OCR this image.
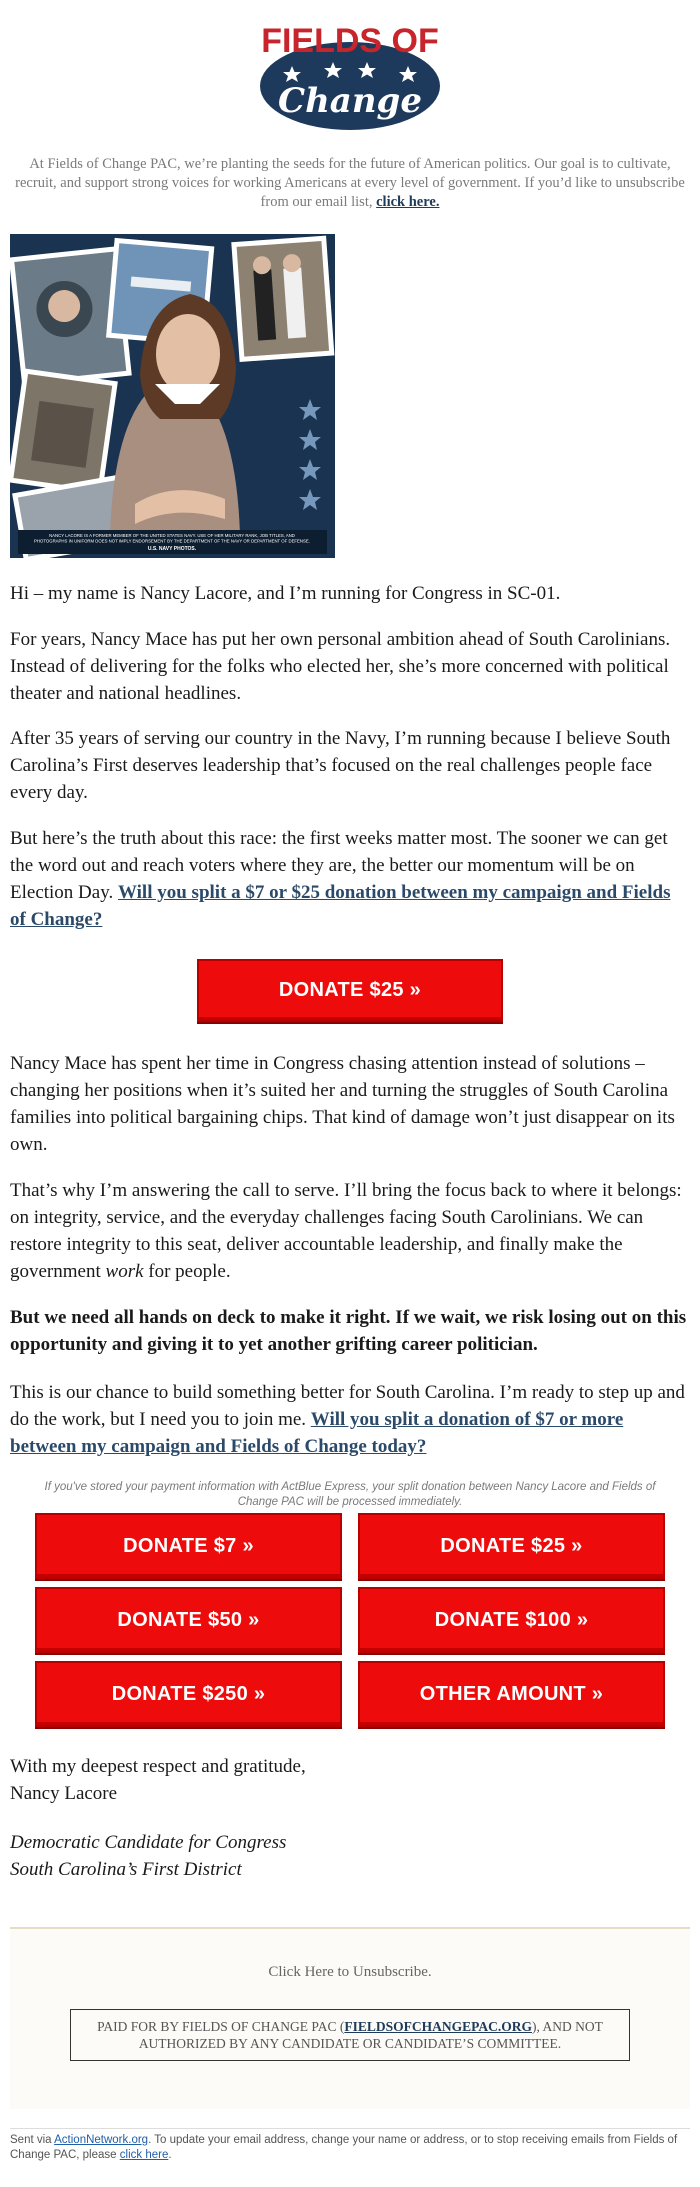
FIELDS OF
Change
At Fields of Change PAC, we’re planting the seeds for the future of American politics. Our goal is to cultivate, recruit, and support strong voices for working Americans at every level of government. If you’d like to unsubscribe from our email list, click here.
NANCY LACORE IS A FORMER MEMBER OF THE UNITED STATES NAVY. USE OF HER MILITARY RANK, JOB TITLES, AND PHOTOGRAPHS IN UNIFORM DOES NOT IMPLY ENDORSEMENT BY THE DEPARTMENT OF THE NAVY OR DEPARTMENT OF DEFENSE.
U.S. NAVY PHOTOS.
Hi – my name is Nancy Lacore, and I’m running for Congress in SC-01.
For years, Nancy Mace has put her own personal ambition ahead of South Carolinians. Instead of delivering for the folks who elected her, she’s more concerned with political theater and national headlines.
After 35 years of serving our country in the Navy, I’m running because I believe South Carolina’s First deserves leadership that’s focused on the real challenges people face every day.
But here’s the truth about this race: the first weeks matter most. The sooner we can get the word out and reach voters where they are, the better our momentum will be on Election Day. Will you split a $7 or $25 donation between my campaign and Fields of Change?
DONATE $25 »
Nancy Mace has spent her time in Congress chasing attention instead of solutions – changing her positions when it’s suited her and turning the struggles of South Carolina families into political bargaining chips. That kind of damage won’t just disappear on its own.
That’s why I’m answering the call to serve. I’ll bring the focus back to where it belongs: on integrity, service, and the everyday challenges facing South Carolinians. We can restore integrity to this seat, deliver accountable leadership, and finally make the government work for people.
But we need all hands on deck to make it right. If we wait, we risk losing out on this opportunity and giving it to yet another grifting career politician.
This is our chance to build something better for South Carolina. I’m ready to step up and do the work, but I need you to join me. Will you split a donation of $7 or more between my campaign and Fields of Change today?
If you've stored your payment information with ActBlue Express, your split donation between Nancy Lacore and Fields of Change PAC will be processed immediately.
DONATE $7 »	DONATE $25 »
DONATE $50 »	DONATE $100 »
DONATE $250 »	OTHER AMOUNT »
With my deepest respect and gratitude,
Nancy Lacore
Democratic Candidate for Congress
South Carolina’s First District
Click Here to Unsubscribe.
PAID FOR BY FIELDS OF CHANGE PAC (FIELDSOFCHANGEPAC.ORG), AND NOT AUTHORIZED BY ANY CANDIDATE OR CANDIDATE’S COMMITTEE.
Sent via ActionNetwork.org. To update your email address, change your name or address, or to stop receiving emails from Fields of Change PAC, please click here.
